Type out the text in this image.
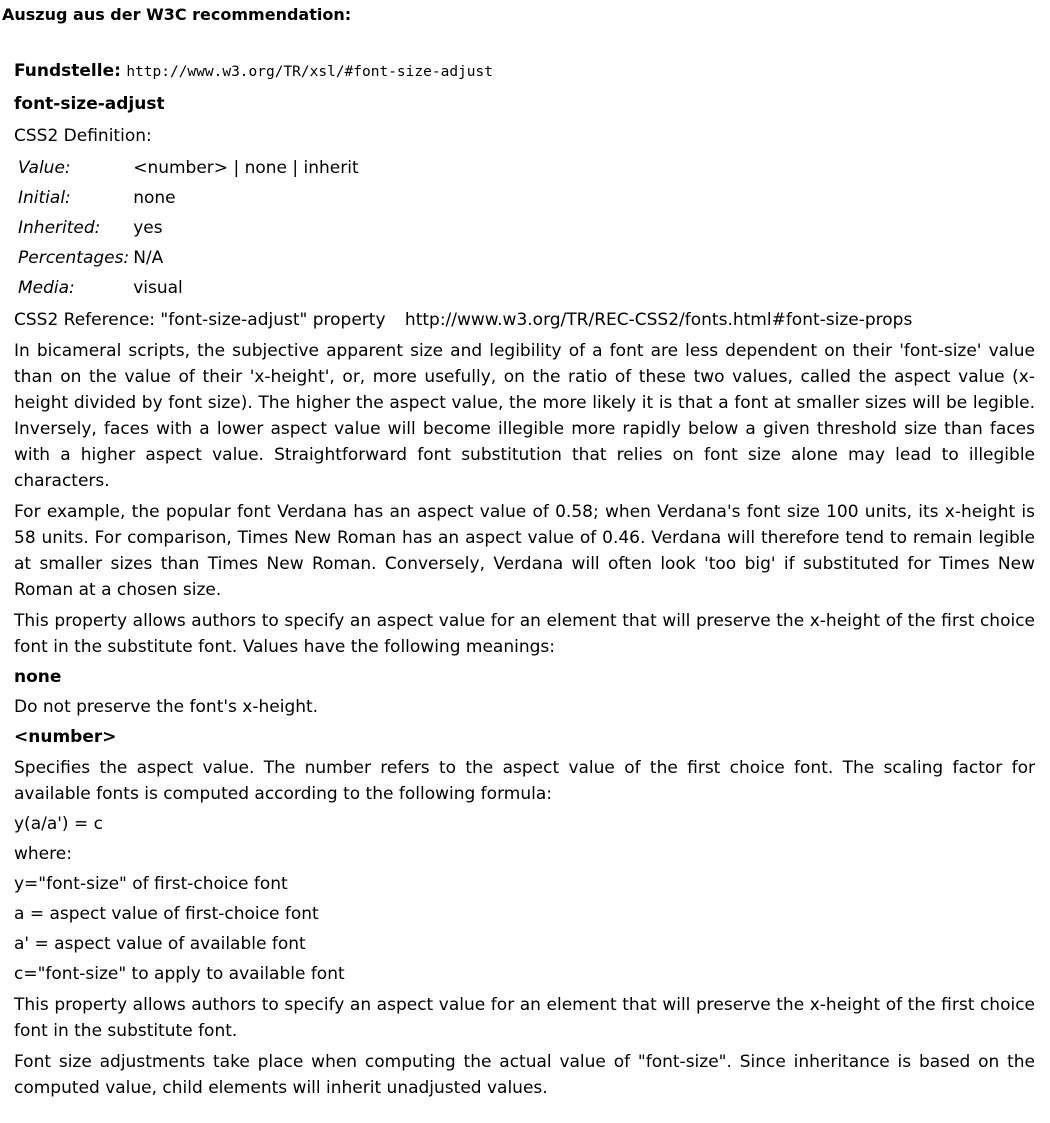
Auszug aus der W3C recommendation:
Fundstelle: http://www.w3.org/TR/xsl/#font-size-adjust
font-size-adjust
CSS2 Definition:
Value:	<number> | none | inherit
Initial:	none
Inherited:	yes
Percentages:	N/A
Media:	visual
CSS2 Reference: "font-size-adjust" property http://www.w3.org/TR/REC-CSS2/fonts.html#font-size-props
In bicameral scripts, the subjective apparent size and legibility of a font are less dependent on their 'font-size' value than on the value of their 'x-height', or, more usefully, on the ratio of these two values, called the aspect value (x-height divided by font size). The higher the aspect value, the more likely it is that a font at smaller sizes will be legible. Inversely, faces with a lower aspect value will become illegible more rapidly below a given threshold size than faces with a higher aspect value. Straightforward font substitution that relies on font size alone may lead to illegible characters.
For example, the popular font Verdana has an aspect value of 0.58; when Verdana's font size 100 units, its x-height is 58 units. For comparison, Times New Roman has an aspect value of 0.46. Verdana will therefore tend to remain legible at smaller sizes than Times New Roman. Conversely, Verdana will often look 'too big' if substituted for Times New Roman at a chosen size.
This property allows authors to specify an aspect value for an element that will preserve the x-height of the first choice font in the substitute font. Values have the following meanings:
none
Do not preserve the font's x-height.
<number>
Specifies the aspect value. The number refers to the aspect value of the first choice font. The scaling factor for available fonts is computed according to the following formula:
y(a/a') = c
where:
y="font-size" of first-choice font
a = aspect value of first-choice font
a' = aspect value of available font
c="font-size" to apply to available font
This property allows authors to specify an aspect value for an element that will preserve the x-height of the first choice font in the substitute font.
Font size adjustments take place when computing the actual value of "font-size". Since inheritance is based on the computed value, child elements will inherit unadjusted values.
